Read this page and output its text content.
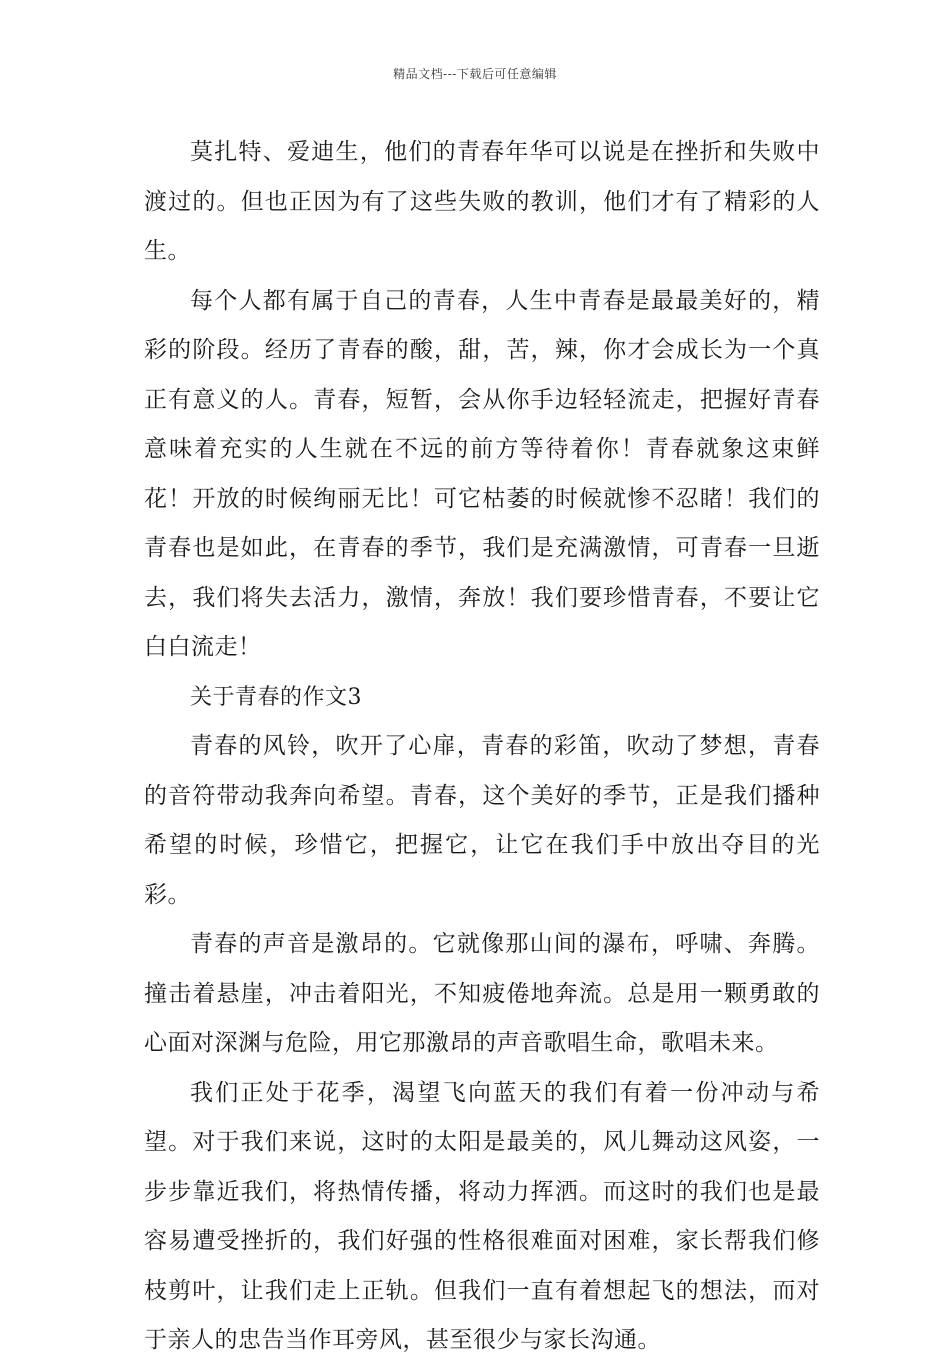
精品文档---下载后可任意编辑

莫扎特、爱迪生，他们的青春年华可以说是在挫折和失败中渡过的。但也正因为有了这些失败的教训，他们才有了精彩的人生。

每个人都有属于自己的青春，人生中青春是最最美好的，精彩的阶段。经历了青春的酸，甜，苦，辣，你才会成长为一个真正有意义的人。青春，短暂，会从你手边轻轻流走，把握好青春意味着充实的人生就在不远的前方等待着你！青春就象这束鲜花！开放的时候绚丽无比！可它枯萎的时候就惨不忍睹！我们的青春也是如此，在青春的季节，我们是充满激情，可青春一旦逝去，我们将失去活力，激情，奔放！我们要珍惜青春，不要让它白白流走！

关于青春的作文3

青春的风铃，吹开了心扉，青春的彩笛，吹动了梦想，青春的音符带动我奔向希望。青春，这个美好的季节，正是我们播种希望的时候，珍惜它，把握它，让它在我们手中放出夺目的光彩。

青春的声音是激昂的。它就像那山间的瀑布，呼啸、奔腾。撞击着悬崖，冲击着阳光，不知疲倦地奔流。总是用一颗勇敢的心面对深渊与危险，用它那激昂的声音歌唱生命，歌唱未来。

我们正处于花季，渴望飞向蓝天的我们有着一份冲动与希望。对于我们来说，这时的太阳是最美的，风儿舞动这风姿，一步步靠近我们，将热情传播，将动力挥洒。而这时的我们也是最容易遭受挫折的，我们好强的性格很难面对困难，家长帮我们修枝剪叶，让我们走上正轨。但我们一直有着想起飞的想法，而对于亲人的忠告当作耳旁风，甚至很少与家长沟通。
